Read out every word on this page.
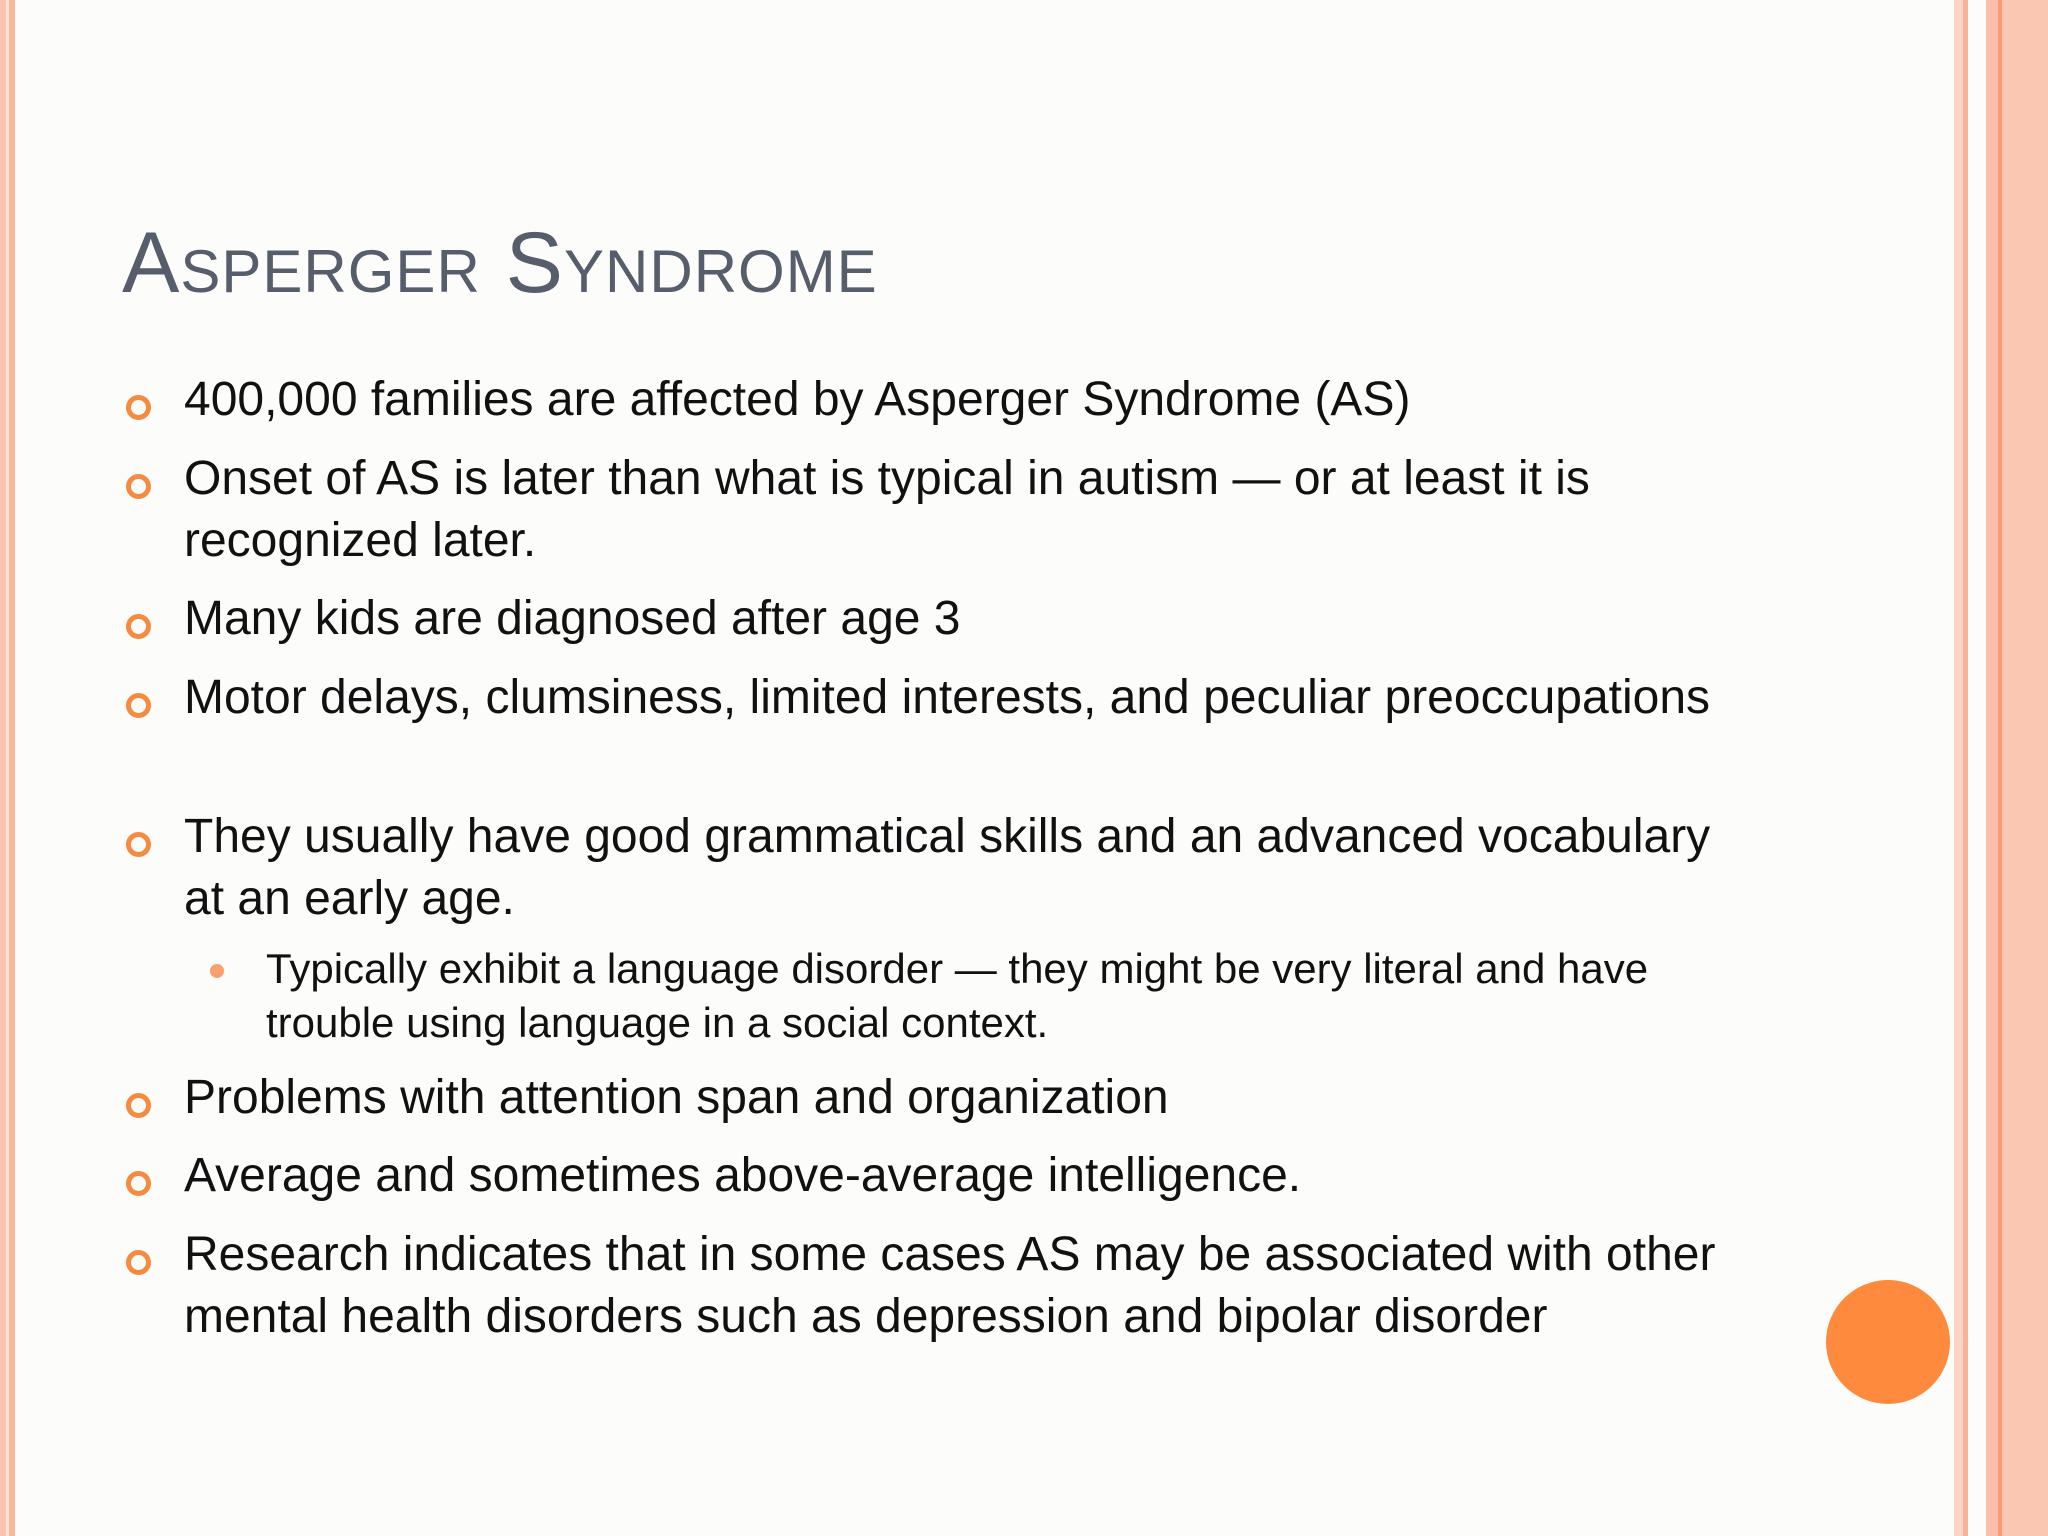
Asperger Syndrome

400,000 families are affected by Asperger Syndrome (AS)

Onset of AS is later than what is typical in autism — or at least it is recognized later.

Many kids are diagnosed after age 3

Motor delays, clumsiness, limited interests, and peculiar preoccupations

They usually have good grammatical skills and an advanced vocabulary at an early age.

Typically exhibit a language disorder — they might be very literal and have trouble using language in a social context.

Problems with attention span and organization

Average and sometimes above-average intelligence.

Research indicates that in some cases AS may be associated with other mental health disorders such as depression and bipolar disorder
